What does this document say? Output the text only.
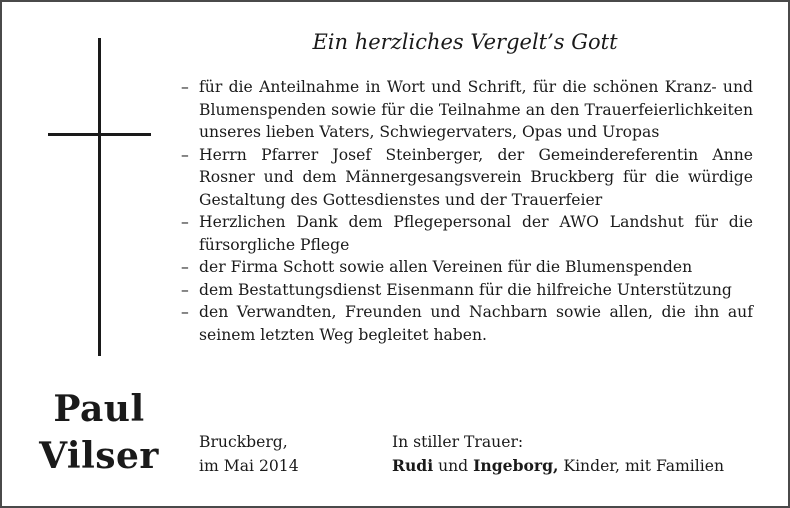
Ein herzliches Vergelt’s Gott
– für die Anteilnahme in Wort und Schrift, für die schönen Kranz- und Blumenspenden sowie für die Teilnahme an den Trauerfeierlichkeiten unseres lieben Vaters, Schwiegervaters, Opas und Uropas
– Herrn Pfarrer Josef Steinberger, der Gemeindereferentin Anne Rosner und dem Männergesangsverein Bruckberg für die würdige Gestaltung des Gottesdienstes und der Trauerfeier
– Herzlichen Dank dem Pflegepersonal der AWO Landshut für die fürsorgliche Pflege
– der Firma Schott sowie allen Vereinen für die Blumenspenden
– dem Bestattungsdienst Eisenmann für die hilfreiche Unterstützung
– den Verwandten, Freunden und Nachbarn sowie allen, die ihn auf seinem letzten Weg begleitet haben.
Paul
Vilser	Bruckberg,
im Mai 2014
In stiller Trauer:
Rudi und Ingeborg, Kinder, mit Familien
